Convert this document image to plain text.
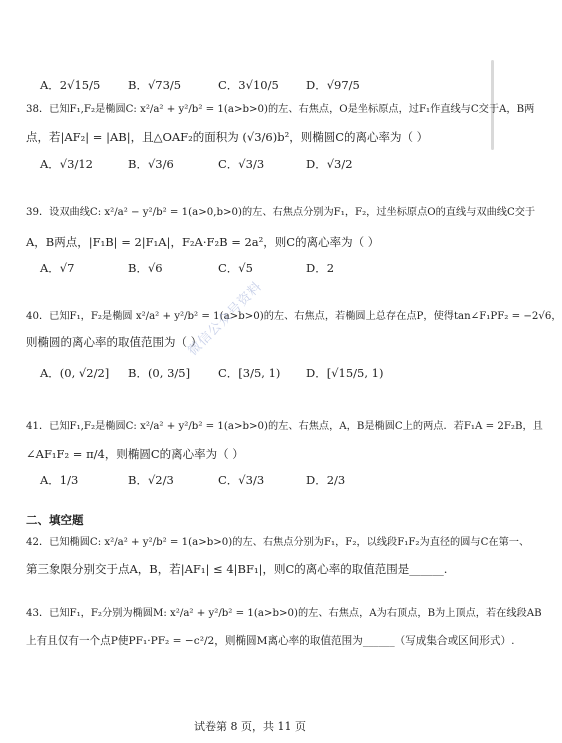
A．2√15/5 B．√73/5	C．3√10/5 D．√97/5
38．已知F₁,F₂是椭圆C: x²/a² + y²/b² = 1(a>b>0)的左、右焦点，O是坐标原点，过F₁作直线与C交于A，B两
点，若|AF₂| = |AB|，且△OAF₂的面积为 (√3/6)b²，则椭圆C的离心率为（ ）
A．√3/12	B．√3/6	C．√3/3	D．√3/2
39．设双曲线C: x²/a² − y²/b² = 1(a>0,b>0)的左、右焦点分别为F₁，F₂，过坐标原点O的直线与双曲线C交于
A，B两点，|F₁B| = 2|F₁A|，F₂A·F₂B = 2a²，则C的离心率为（ ）
A．√7	B．√6	C．√5	D．2
40．已知F₁，F₂是椭圆 x²/a² + y²/b² = 1(a>b>0)的左、右焦点，若椭圆上总存在点P，使得tan∠F₁PF₂ = −2√6，
则椭圆的离心率的取值范围为（ ）
A．(0, √2/2] B．(0, 3/5] C．[3/5, 1) D．[√15/5, 1)
微信公众号资料
41．已知F₁,F₂是椭圆C: x²/a² + y²/b² = 1(a>b>0)的左、右焦点，A，B是椭圆C上的两点．若F₁A = 2F₂B，且
∠AF₁F₂ = π/4，则椭圆C的离心率为（ ）
A．1/3	B．√2/3	C．√3/3	D．2/3
二、填空题
42．已知椭圆C: x²/a² + y²/b² = 1(a>b>0)的左、右焦点分别为F₁，F₂，以线段F₁F₂为直径的圆与C在第一、
第三象限分别交于点A，B，若|AF₁| ≤ 4|BF₁|，则C的离心率的取值范围是______.
43．已知F₁，F₂分别为椭圆M: x²/a² + y²/b² = 1(a>b>0)的左、右焦点，A为右顶点，B为上顶点，若在线段AB
上有且仅有一个点P使PF₁·PF₂ = −c²/2，则椭圆M离心率的取值范围为______（写成集合或区间形式）.
试卷第 8 页，共 11 页
